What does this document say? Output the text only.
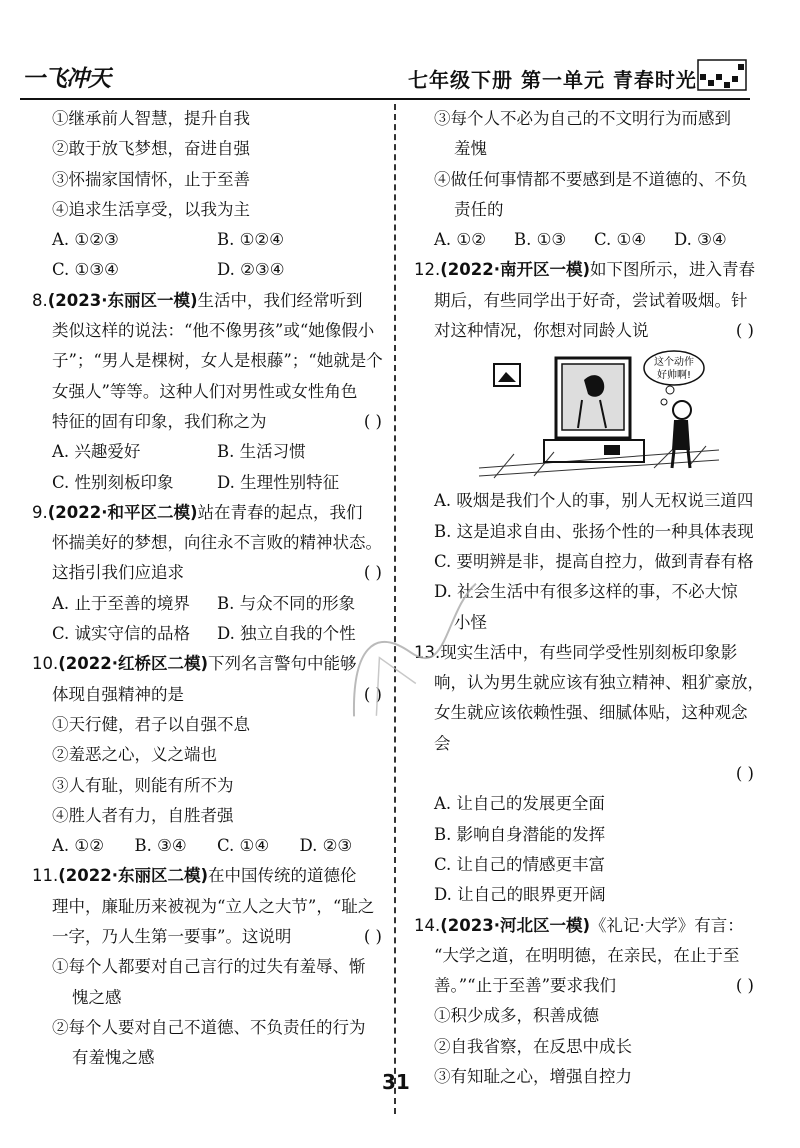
一飞冲天	七年级下册 第一单元 青春时光
①继承前人智慧，提升自我
②敢于放飞梦想，奋进自强
③怀揣家国情怀，止于至善
④追求生活享受，以我为主
A. ①②③	B. ①②④
C. ①③④	D. ②③④
8.(2023·东丽区一模)生活中，我们经常听到
类似这样的说法：“他不像男孩”或“她像假小
子”；“男人是棵树，女人是根藤”；“她就是个
女强人”等等。这种人们对男性或女性角色
特征的固有印象，我们称之为	( )
A. 兴趣爱好	B. 生活习惯
C. 性别刻板印象	D. 生理性别特征
9.(2022·和平区二模)站在青春的起点，我们
怀揣美好的梦想，向往永不言败的精神状态。
这指引我们应追求	( )
A. 止于至善的境界	B. 与众不同的形象
C. 诚实守信的品格	D. 独立自我的个性
10.(2022·红桥区二模)下列名言警句中能够
体现自强精神的是	( )
①天行健，君子以自强不息
②羞恶之心，义之端也
③人有耻，则能有所不为
④胜人者有力，自胜者强
A. ①②	B. ③④	C. ①④	D. ②③
11.(2022·东丽区二模)在中国传统的道德伦
理中，廉耻历来被视为“立人之大节”，“耻之
一字，乃人生第一要事”。这说明	( )
①每个人都要对自己言行的过失有羞辱、惭
愧之感
②每个人要对自己不道德、不负责任的行为
有羞愧之感
③每个人不必为自己的不文明行为而感到
羞愧
④做任何事情都不要感到是不道德的、不负
责任的
A. ①②	B. ①③	C. ①④	D. ③④
12.(2022·南开区一模)如下图所示，进入青春
期后，有些同学出于好奇，尝试着吸烟。针
对这种情况，你想对同龄人说	( )
这个动作
好帅啊!
A. 吸烟是我们个人的事，别人无权说三道四
B. 这是追求自由、张扬个性的一种具体表现
C. 要明辨是非，提高自控力，做到青春有格
D. 社会生活中有很多这样的事，不必大惊
小怪
13.现实生活中，有些同学受性别刻板印象影
响，认为男生就应该有独立精神、粗犷豪放，
女生就应该依赖性强、细腻体贴，这种观念
会
( )
A. 让自己的发展更全面
B. 影响自身潜能的发挥
C. 让自己的情感更丰富
D. 让自己的眼界更开阔
14.(2023·河北区一模)《礼记·大学》有言：
“大学之道，在明明德，在亲民，在止于至
善。”“止于至善”要求我们	( )
①积少成多，积善成德
②自我省察，在反思中成长
③有知耻之心，增强自控力
31
